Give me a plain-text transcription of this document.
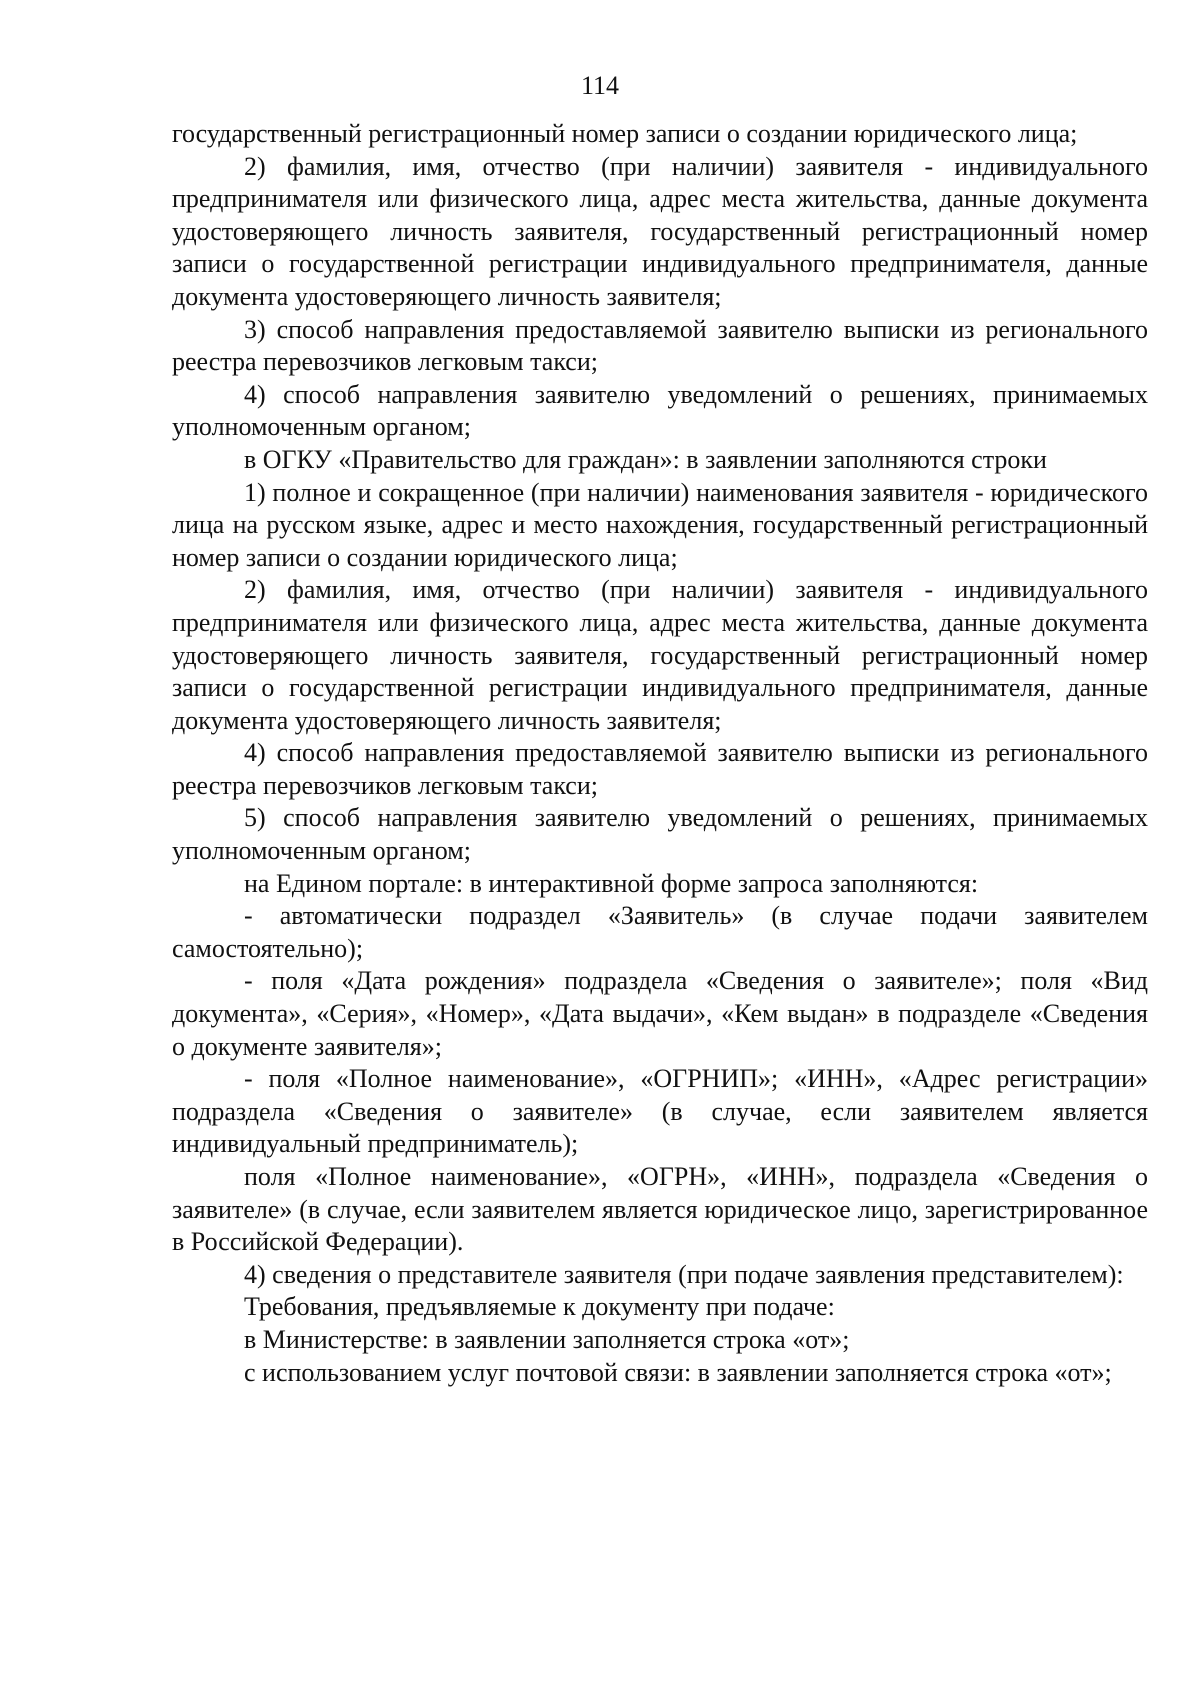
114

государственный регистрационный номер записи о создании юридического лица;

2) фамилия, имя, отчество (при наличии) заявителя - индивидуального предпринимателя или физического лица, адрес места жительства, данные документа удостоверяющего личность заявителя, государственный регистрационный номер записи о государственной регистрации индивидуального предпринимателя, данные документа удостоверяющего личность заявителя;

3) способ направления предоставляемой заявителю выписки из регионального реестра перевозчиков легковым такси;

4) способ направления заявителю уведомлений о решениях, принимаемых уполномоченным органом;

в ОГКУ «Правительство для граждан»: в заявлении заполняются строки

1) полное и сокращенное (при наличии) наименования заявителя - юридического лица на русском языке, адрес и место нахождения, государственный регистрационный номер записи о создании юридического лица;

2) фамилия, имя, отчество (при наличии) заявителя - индивидуального предпринимателя или физического лица, адрес места жительства, данные документа удостоверяющего личность заявителя, государственный регистрационный номер записи о государственной регистрации индивидуального предпринимателя, данные документа удостоверяющего личность заявителя;

4) способ направления предоставляемой заявителю выписки из регионального реестра перевозчиков легковым такси;

5) способ направления заявителю уведомлений о решениях, принимаемых уполномоченным органом;

на Едином портале: в интерактивной форме запроса заполняются:

- автоматически подраздел «Заявитель» (в случае подачи заявителем самостоятельно);

- поля «Дата рождения» подраздела «Сведения о заявителе»; поля «Вид документа», «Серия», «Номер», «Дата выдачи», «Кем выдан» в подразделе «Сведения о документе заявителя»;

- поля «Полное наименование», «ОГРНИП»; «ИНН», «Адрес регистрации» подраздела «Сведения о заявителе» (в случае, если заявителем является индивидуальный предприниматель);

поля «Полное наименование», «ОГРН», «ИНН», подраздела «Сведения о заявителе» (в случае, если заявителем является юридическое лицо, зарегистрированное в Российской Федерации).

4) сведения о представителе заявителя (при подаче заявления представителем):

Требования, предъявляемые к документу при подаче:

в Министерстве: в заявлении заполняется строка «от»;

с использованием услуг почтовой связи: в заявлении заполняется строка «от»;
